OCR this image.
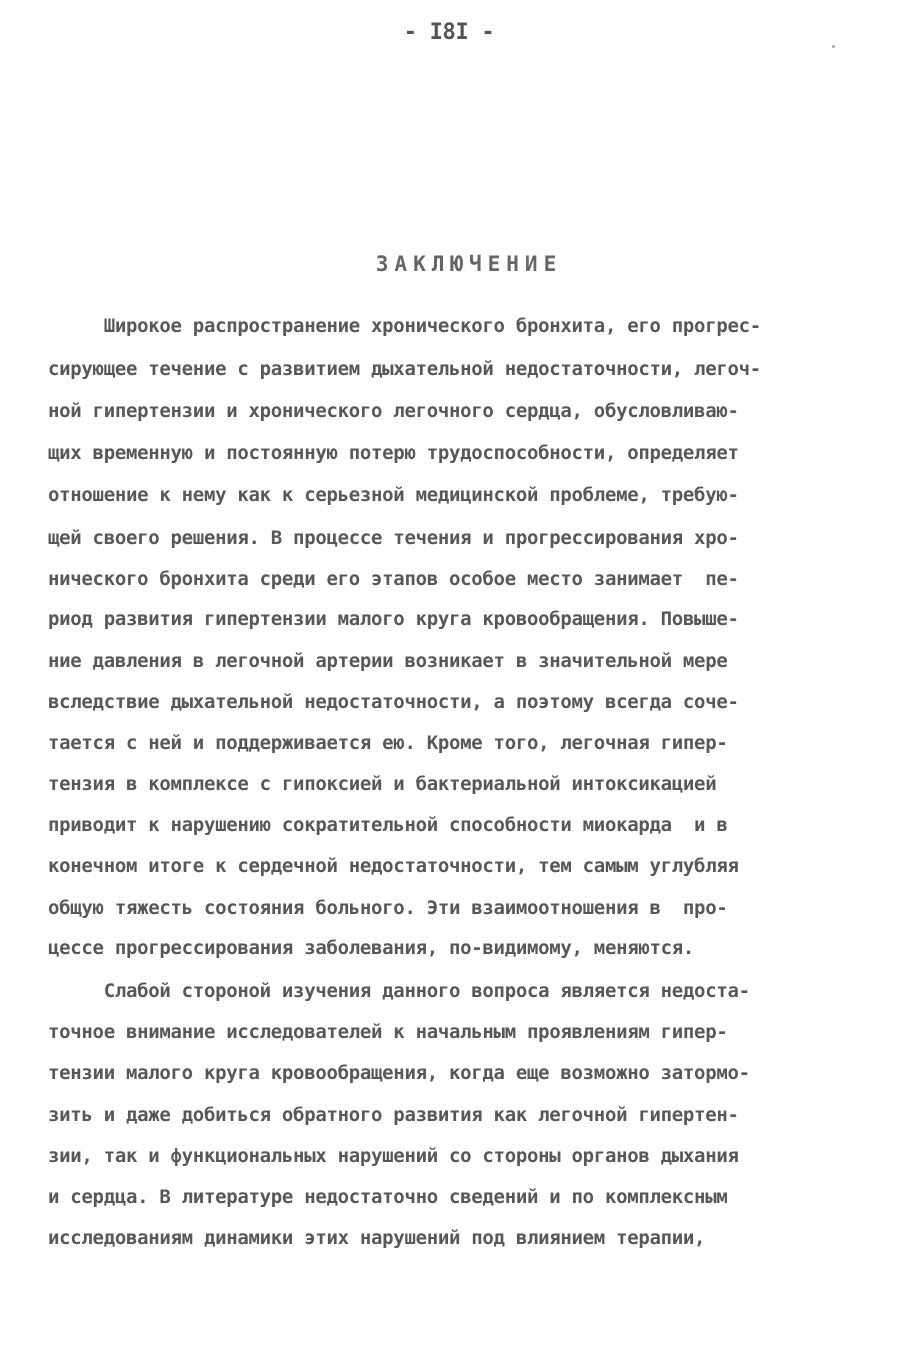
- I8I -
ЗАКЛЮЧЕНИЕ
Широкое распространение хронического бронхита, его прогрес-
сирующее течение с развитием дыхательной недостаточности, легоч-
ной гипертензии и хронического легочного сердца, обусловливаю-
щих временную и постоянную потерю трудоспособности, определяет
отношение к нему как к серьезной медицинской проблеме, требую-
щей своего решения. В процессе течения и прогрессирования хро-
нического бронхита среди его этапов особое место занимает  пе-
риод развития гипертензии малого круга кровообращения. Повыше-
ние давления в легочной артерии возникает в значительной мере
вследствие дыхательной недостаточности, а поэтому всегда соче-
тается с ней и поддерживается ею. Кроме того, легочная гипер-
тензия в комплексе с гипоксией и бактериальной интоксикацией
приводит к нарушению сократительной способности миокарда  и в
конечном итоге к сердечной недостаточности, тем самым углубляя
общую тяжесть состояния больного. Эти взаимоотношения в  про-
цессе прогрессирования заболевания, по-видимому, меняются.
Слабой стороной изучения данного вопроса является недоста-
точное внимание исследователей к начальным проявлениям гипер-
тензии малого круга кровообращения, когда еще возможно затормо-
зить и даже добиться обратного развития как легочной гипертен-
зии, так и функциональных нарушений со стороны органов дыхания
и сердца. В литературе недостаточно сведений и по комплексным
исследованиям динамики этих нарушений под влиянием терапии,
